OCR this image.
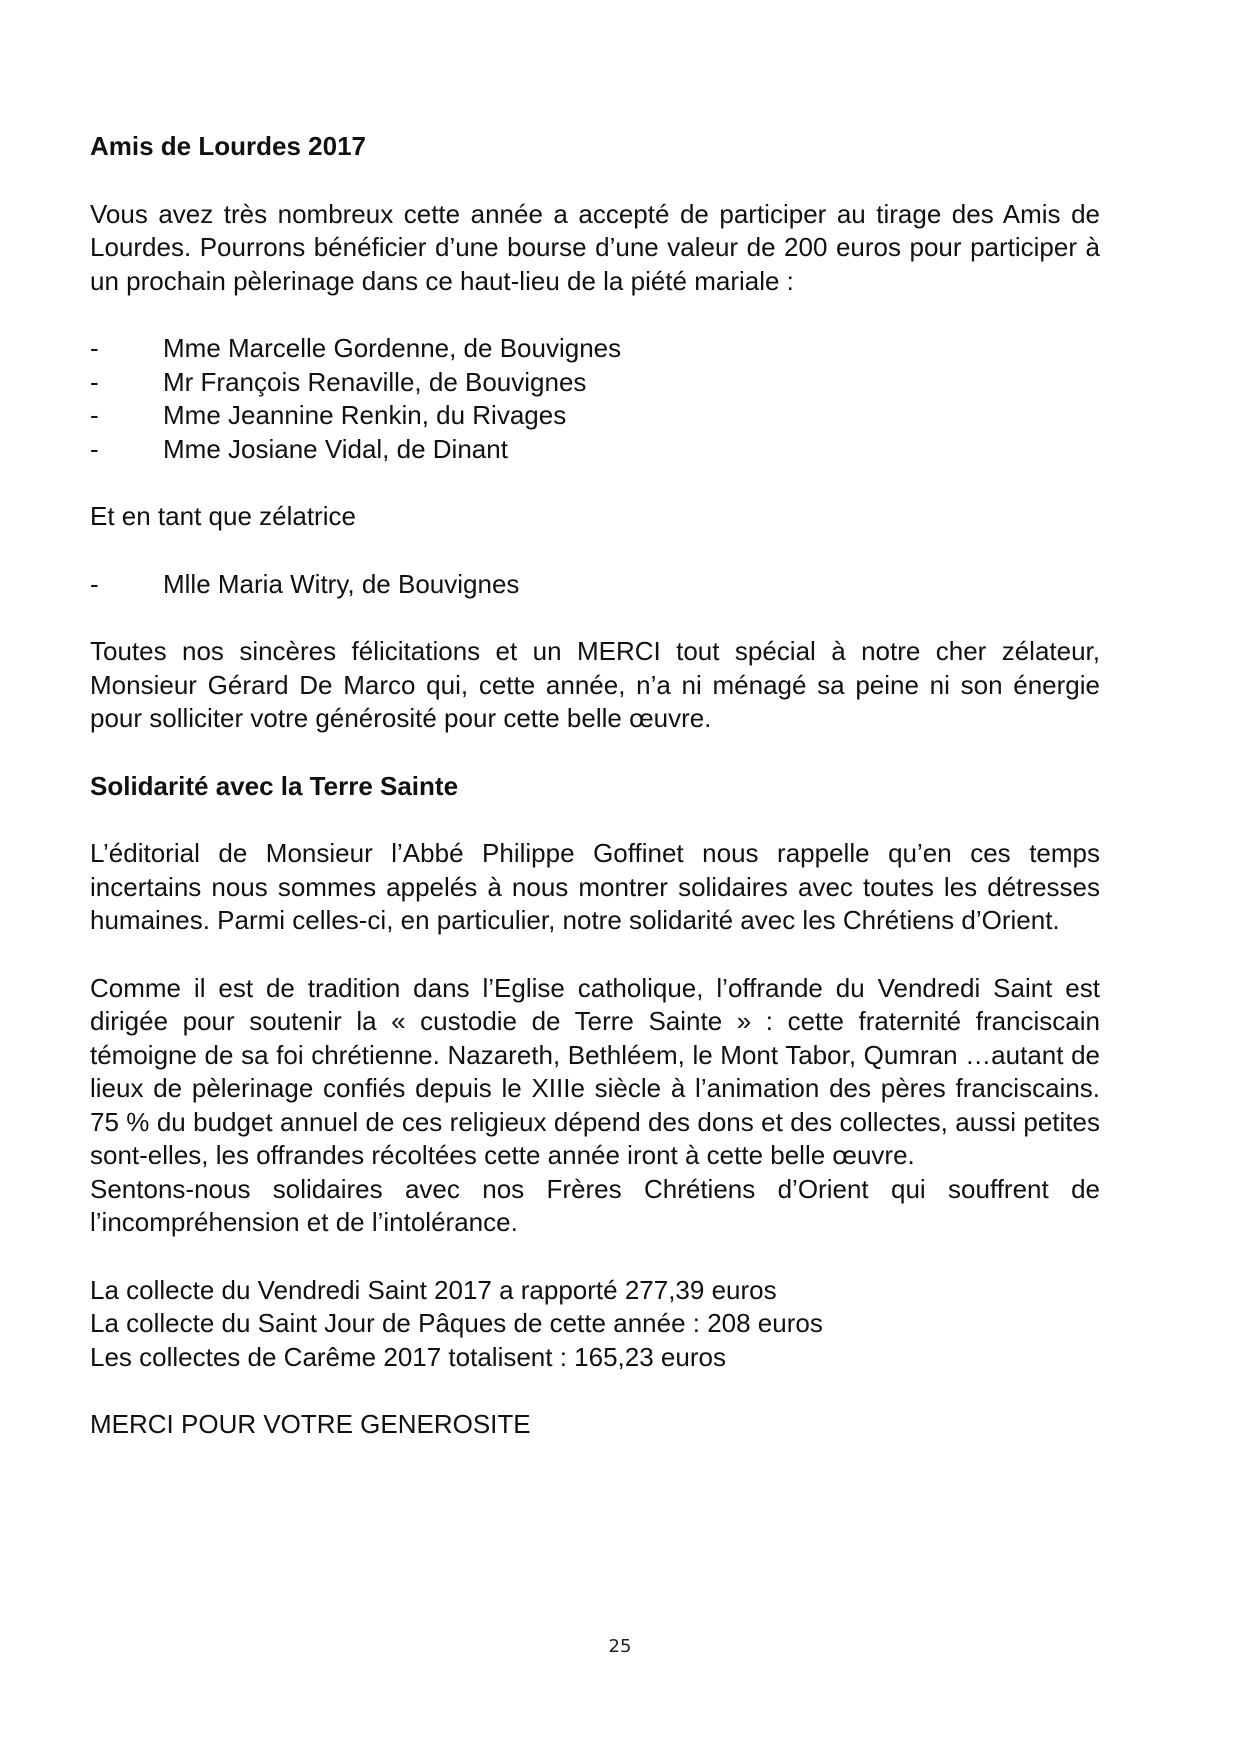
Amis de Lourdes 2017

Vous avez très nombreux cette année a accepté de participer au tirage des Amis de Lourdes. Pourrons bénéficier d’une bourse d’une valeur de 200 euros pour participer à un prochain pèlerinage dans ce haut-lieu de la piété mariale :

-	Mme Marcelle Gordenne, de Bouvignes
-	Mr François Renaville, de Bouvignes
-	Mme Jeannine Renkin, du Rivages
-	Mme Josiane Vidal, de Dinant

Et en tant que zélatrice

-	Mlle Maria Witry, de Bouvignes

Toutes nos sincères félicitations et un MERCI tout spécial à notre cher zélateur, Monsieur Gérard De Marco qui, cette année, n’a ni ménagé sa peine ni son énergie pour solliciter votre générosité pour cette belle œuvre.

Solidarité avec la Terre Sainte

L’éditorial de Monsieur l’Abbé Philippe Goffinet nous rappelle qu’en ces temps incertains nous sommes appelés à nous montrer solidaires avec toutes les détresses humaines. Parmi celles-ci, en particulier, notre solidarité avec les Chrétiens d’Orient.

Comme il est de tradition dans l’Eglise catholique, l’offrande du Vendredi Saint est dirigée pour soutenir la « custodie de Terre Sainte » : cette fraternité franciscain témoigne de sa foi chrétienne. Nazareth, Bethléem, le Mont Tabor, Qumran …autant de lieux de pèlerinage confiés depuis le XIIIe siècle à l’animation des pères franciscains. 75 % du budget annuel de ces religieux dépend des dons et des collectes, aussi petites sont-elles, les offrandes récoltées cette année iront à cette belle œuvre.

Sentons-nous solidaires avec nos Frères Chrétiens d’Orient qui souffrent de l’incompréhension et de l’intolérance.

La collecte du Vendredi Saint 2017 a rapporté 277,39 euros

La collecte du Saint Jour de Pâques de cette année : 208 euros

Les collectes de Carême 2017 totalisent : 165,23 euros

MERCI POUR VOTRE GENEROSITE

25
